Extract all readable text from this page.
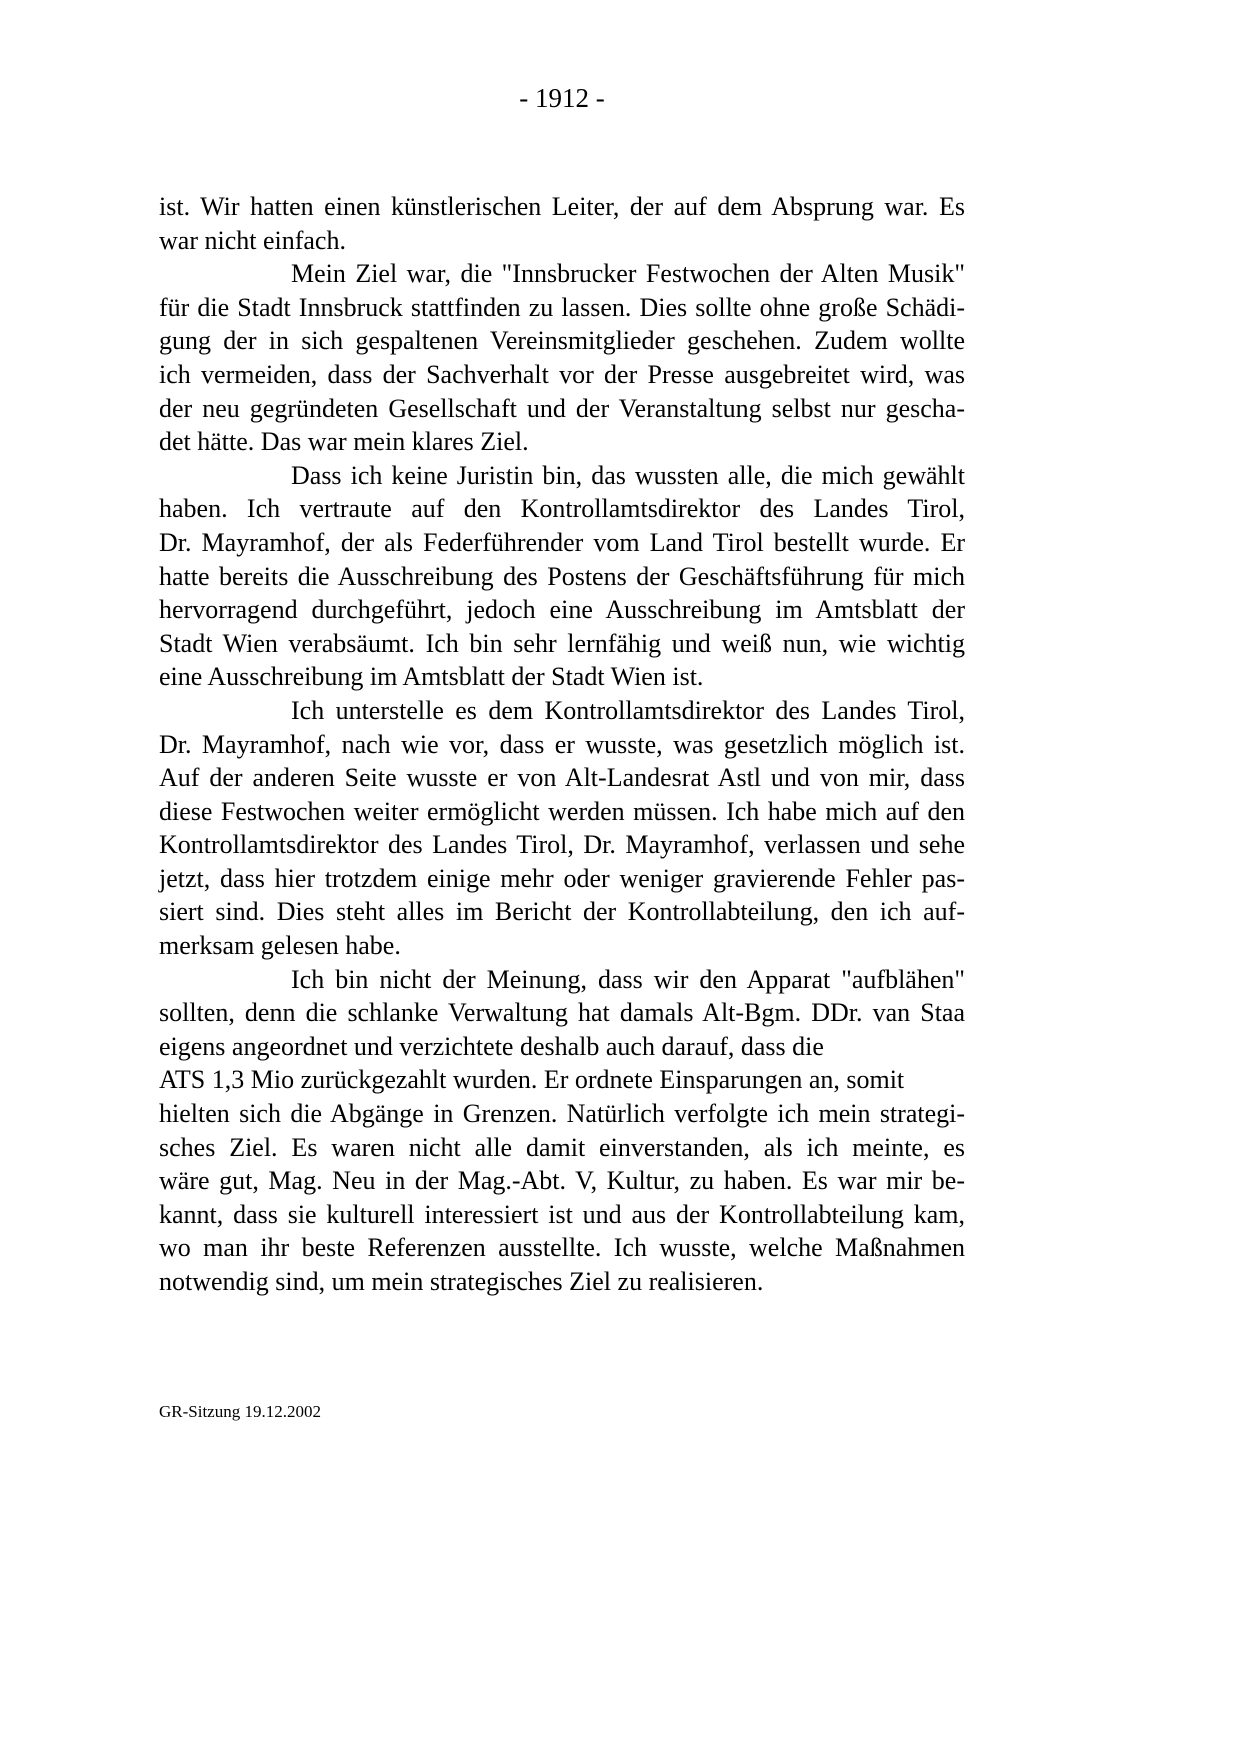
- 1912 -
ist. Wir hatten einen künstlerischen Leiter, der auf dem Absprung war. Es
war nicht einfach.
Mein Ziel war, die "Innsbrucker Festwochen der Alten Musik"
für die Stadt Innsbruck stattfinden zu lassen. Dies sollte ohne große Schädi-
gung der in sich gespaltenen Vereinsmitglieder geschehen. Zudem wollte
ich vermeiden, dass der Sachverhalt vor der Presse ausgebreitet wird, was
der neu gegründeten Gesellschaft und der Veranstaltung selbst nur gescha-
det hätte. Das war mein klares Ziel.
Dass ich keine Juristin bin, das wussten alle, die mich gewählt
haben. Ich vertraute auf den Kontrollamtsdirektor des Landes Tirol,
Dr. Mayramhof, der als Federführender vom Land Tirol bestellt wurde. Er
hatte bereits die Ausschreibung des Postens der Geschäftsführung für mich
hervorragend durchgeführt, jedoch eine Ausschreibung im Amtsblatt der
Stadt Wien verabsäumt. Ich bin sehr lernfähig und weiß nun, wie wichtig
eine Ausschreibung im Amtsblatt der Stadt Wien ist.
Ich unterstelle es dem Kontrollamtsdirektor des Landes Tirol,
Dr. Mayramhof, nach wie vor, dass er wusste, was gesetzlich möglich ist.
Auf der anderen Seite wusste er von Alt-Landesrat Astl und von mir, dass
diese Festwochen weiter ermöglicht werden müssen. Ich habe mich auf den
Kontrollamtsdirektor des Landes Tirol, Dr. Mayramhof, verlassen und sehe
jetzt, dass hier trotzdem einige mehr oder weniger gravierende Fehler pas-
siert sind. Dies steht alles im Bericht der Kontrollabteilung, den ich auf-
merksam gelesen habe.
Ich bin nicht der Meinung, dass wir den Apparat "aufblähen"
sollten, denn die schlanke Verwaltung hat damals Alt-Bgm. DDr. van Staa
eigens angeordnet und verzichtete deshalb auch darauf, dass die
ATS 1,3 Mio zurückgezahlt wurden. Er ordnete Einsparungen an, somit
hielten sich die Abgänge in Grenzen. Natürlich verfolgte ich mein strategi-
sches Ziel. Es waren nicht alle damit einverstanden, als ich meinte, es
wäre gut, Mag. Neu in der Mag.-Abt. V, Kultur, zu haben. Es war mir be-
kannt, dass sie kulturell interessiert ist und aus der Kontrollabteilung kam,
wo man ihr beste Referenzen ausstellte. Ich wusste, welche Maßnahmen
notwendig sind, um mein strategisches Ziel zu realisieren.
GR-Sitzung 19.12.2002
